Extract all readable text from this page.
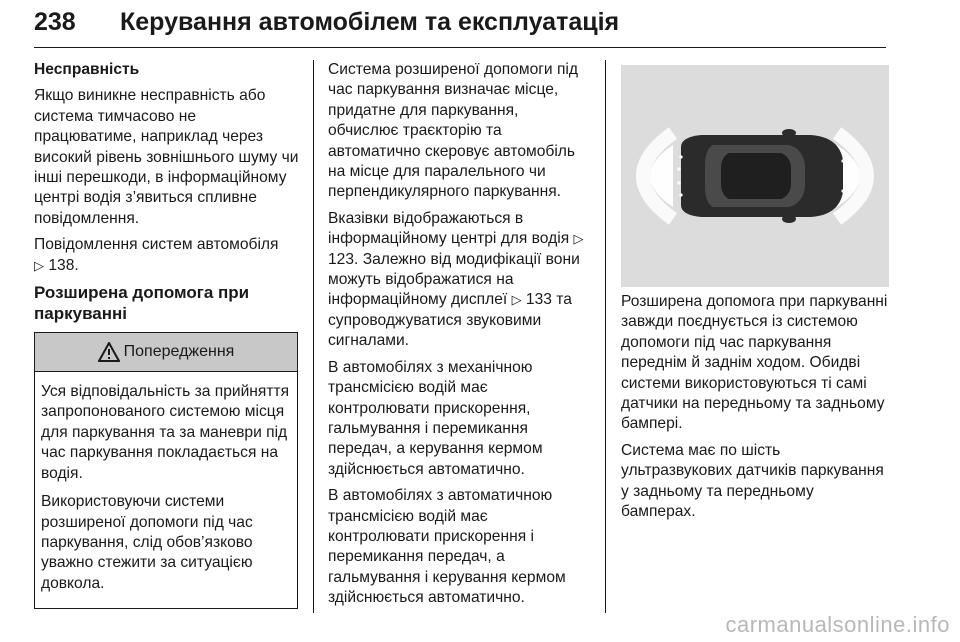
238 Керування автомобілем та експлуатація

Несправність

Якщо виникне несправність або система тимчасово не працюватиме, наприклад через високий рівень зовнішнього шуму чи інші перешкоди, в інформаційному центрі водія з’явиться спливне повідомлення.

Повідомлення систем автомобіля
▷ 138.

Розширена допомога при паркуванні

Попередження

Уся відповідальність за прийняття запропонованого системою місця для паркування та за маневри під час паркування покладається на водія.

Використовуючи системи розширеної допомоги під час паркування, слід обов’язково уважно стежити за ситуацією довкола.

Система розширеної допомоги під час паркування визначає місце, придатне для паркування, обчислює траєкторію та автоматично скеровує автомобіль на місце для паралельного чи перпендикулярного паркування.

Вказівки відображаються в інформаційному центрі для водія ▷ 123. Залежно від модифікації вони можуть відображатися на інформаційному дисплеї ▷ 133 та супроводжуватися звуковими сигналами.

В автомобілях з механічною трансмісією водій має контролювати прискорення, гальмування і перемикання передач, а керування кермом здійснюється автоматично.

В автомобілях з автоматичною трансмісією водій має контролювати прискорення і перемикання передач, а гальмування і керування кермом здійснюється автоматично.

Розширена допомога при паркуванні завжди поєднується із системою допомоги під час паркування переднім й заднім ходом. Обидві системи використовуються ті самі датчики на передньому та задньому бампері.

Система має по шість ультразвукових датчиків паркування у задньому та передньому бамперах.

carmanualsonline.info
